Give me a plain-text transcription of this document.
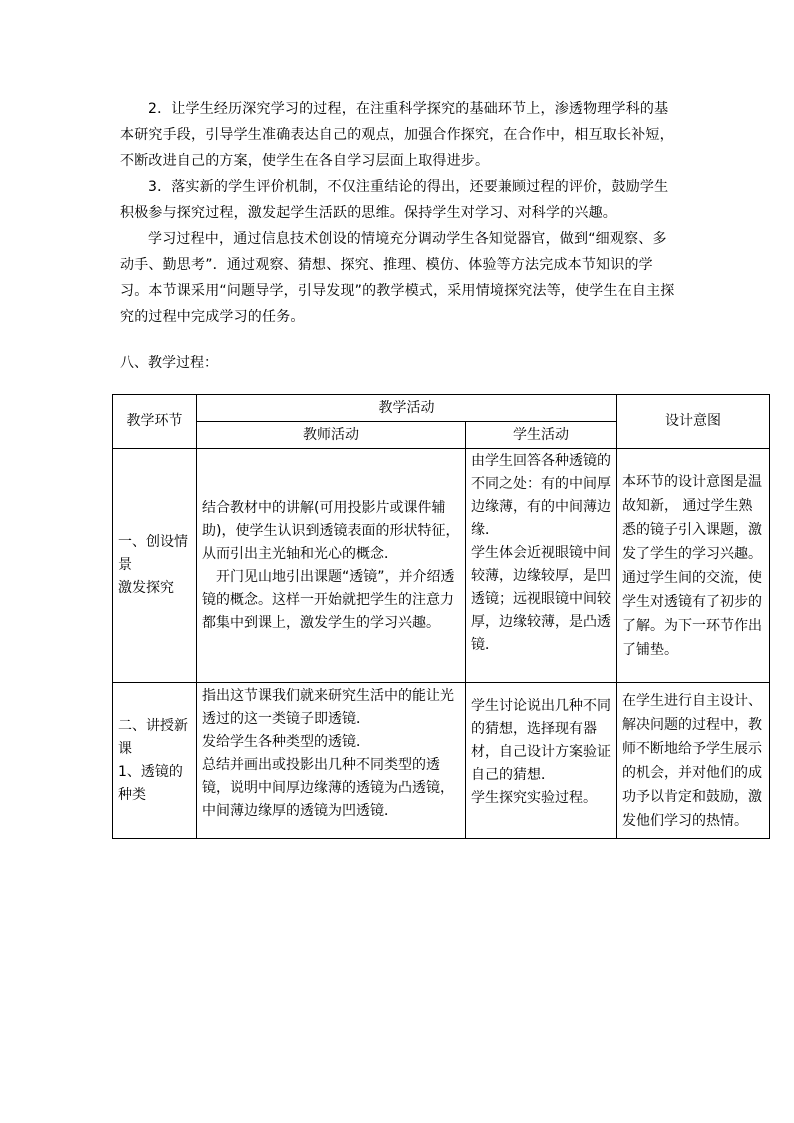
2．让学生经历深究学习的过程，在注重科学探究的基础环节上，渗透物理学科的基本研究手段，引导学生准确表达自己的观点，加强合作探究，在合作中，相互取长补短，不断改进自己的方案，使学生在各自学习层面上取得进步。

3．落实新的学生评价机制，不仅注重结论的得出，还要兼顾过程的评价，鼓励学生积极参与探究过程，激发起学生活跃的思维。保持学生对学习、对科学的兴趣。

学习过程中，通过信息技术创设的情境充分调动学生各知觉器官，做到“细观察、多动手、勤思考”．通过观察、猜想、探究、推理、模仿、体验等方法完成本节知识的学习。本节课采用“问题导学，引导发现”的教学模式，采用情境探究法等，使学生在自主探究的过程中完成学习的任务。

八、教学过程：

教学环节	教学活动		设计意图
	教师活动	学生活动	

一、创设情景
激发探究	结合教材中的讲解(可用投影片或课件辅助)，使学生认识到透镜表面的形状特征，从而引出主光轴和光心的概念．
开门见山地引出课题“透镜”，并介绍透镜的概念。这样一开始就把学生的注意力都集中到课上，激发学生的学习兴趣。	由学生回答各种透镜的不同之处：有的中间厚边缘薄，有的中间薄边缘．
学生体会近视眼镜中间较薄，边缘较厚，是凹透镜；远视眼镜中间较厚，边缘较薄，是凸透镜．	本环节的设计意图是温故知新， 通过学生熟悉的镜子引入课题，激发了学生的学习兴趣。通过学生间的交流，使学生对透镜有了初步的了解。为下一环节作出了铺垫。

二、讲授新课
1、透镜的种类	指出这节课我们就来研究生活中的能让光透过的这一类镜子即透镜．
发给学生各种类型的透镜．
总结并画出或投影出几种不同类型的透镜，说明中间厚边缘薄的透镜为凸透镜，中间薄边缘厚的透镜为凹透镜．	学生讨论说出几种不同的猜想，选择现有器材，自己设计方案验证自己的猜想．
学生探究实验过程。	在学生进行自主设计、解决问题的过程中，教师不断地给予学生展示的机会，并对他们的成功予以肯定和鼓励，激发他们学习的热情。
